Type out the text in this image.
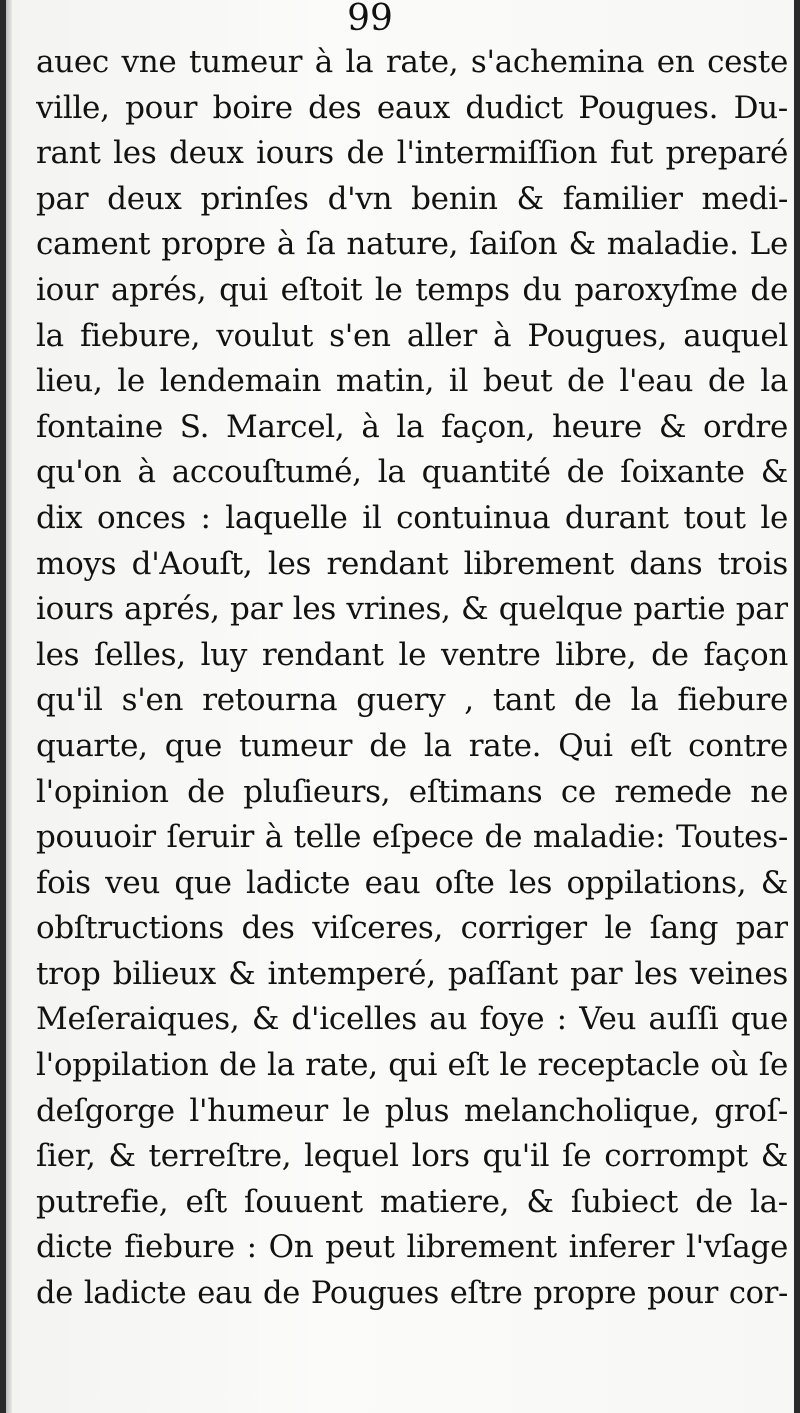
99
auec vne tumeur à la rate, s'achemina en ceste
ville, pour boire des eaux dudict Pougues. Du-
rant les deux iours de l'intermiſſion fut preparé
par deux prinſes d'vn benin & familier medi-
cament propre à ſa nature, ſaiſon & maladie. Le
iour aprés, qui eſtoit le temps du paroxyſme de
la fiebure, voulut s'en aller à Pougues, auquel
lieu, le lendemain matin, il beut de l'eau de la
fontaine S. Marcel, à la façon, heure & ordre
qu'on à accouſtumé, la quantité de ſoixante &
dix onces : laquelle il contuinua durant tout le
moys d'Aouſt, les rendant librement dans trois
iours aprés, par les vrines, & quelque partie par
les ſelles, luy rendant le ventre libre, de façon
qu'il s'en retourna guery , tant de la fiebure
quarte, que tumeur de la rate. Qui eſt contre
l'opinion de pluſieurs, eſtimans ce remede ne
pouuoir ſeruir à telle eſpece de maladie: Toutes-
fois veu que ladicte eau oſte les oppilations, &
obſtructions des viſceres, corriger le ſang par
trop bilieux & intemperé, paſſant par les veines
Meſeraiques, & d'icelles au foye : Veu auſſi que
l'oppilation de la rate, qui eſt le receptacle où ſe
deſgorge l'humeur le plus melancholique, groſ-
ſier, & terreſtre, lequel lors qu'il ſe corrompt &
putrefie, eſt ſouuent matiere, & ſubiect de la-
dicte fiebure : On peut librement inferer l'vſage
de ladicte eau de Pougues eſtre propre pour cor-
